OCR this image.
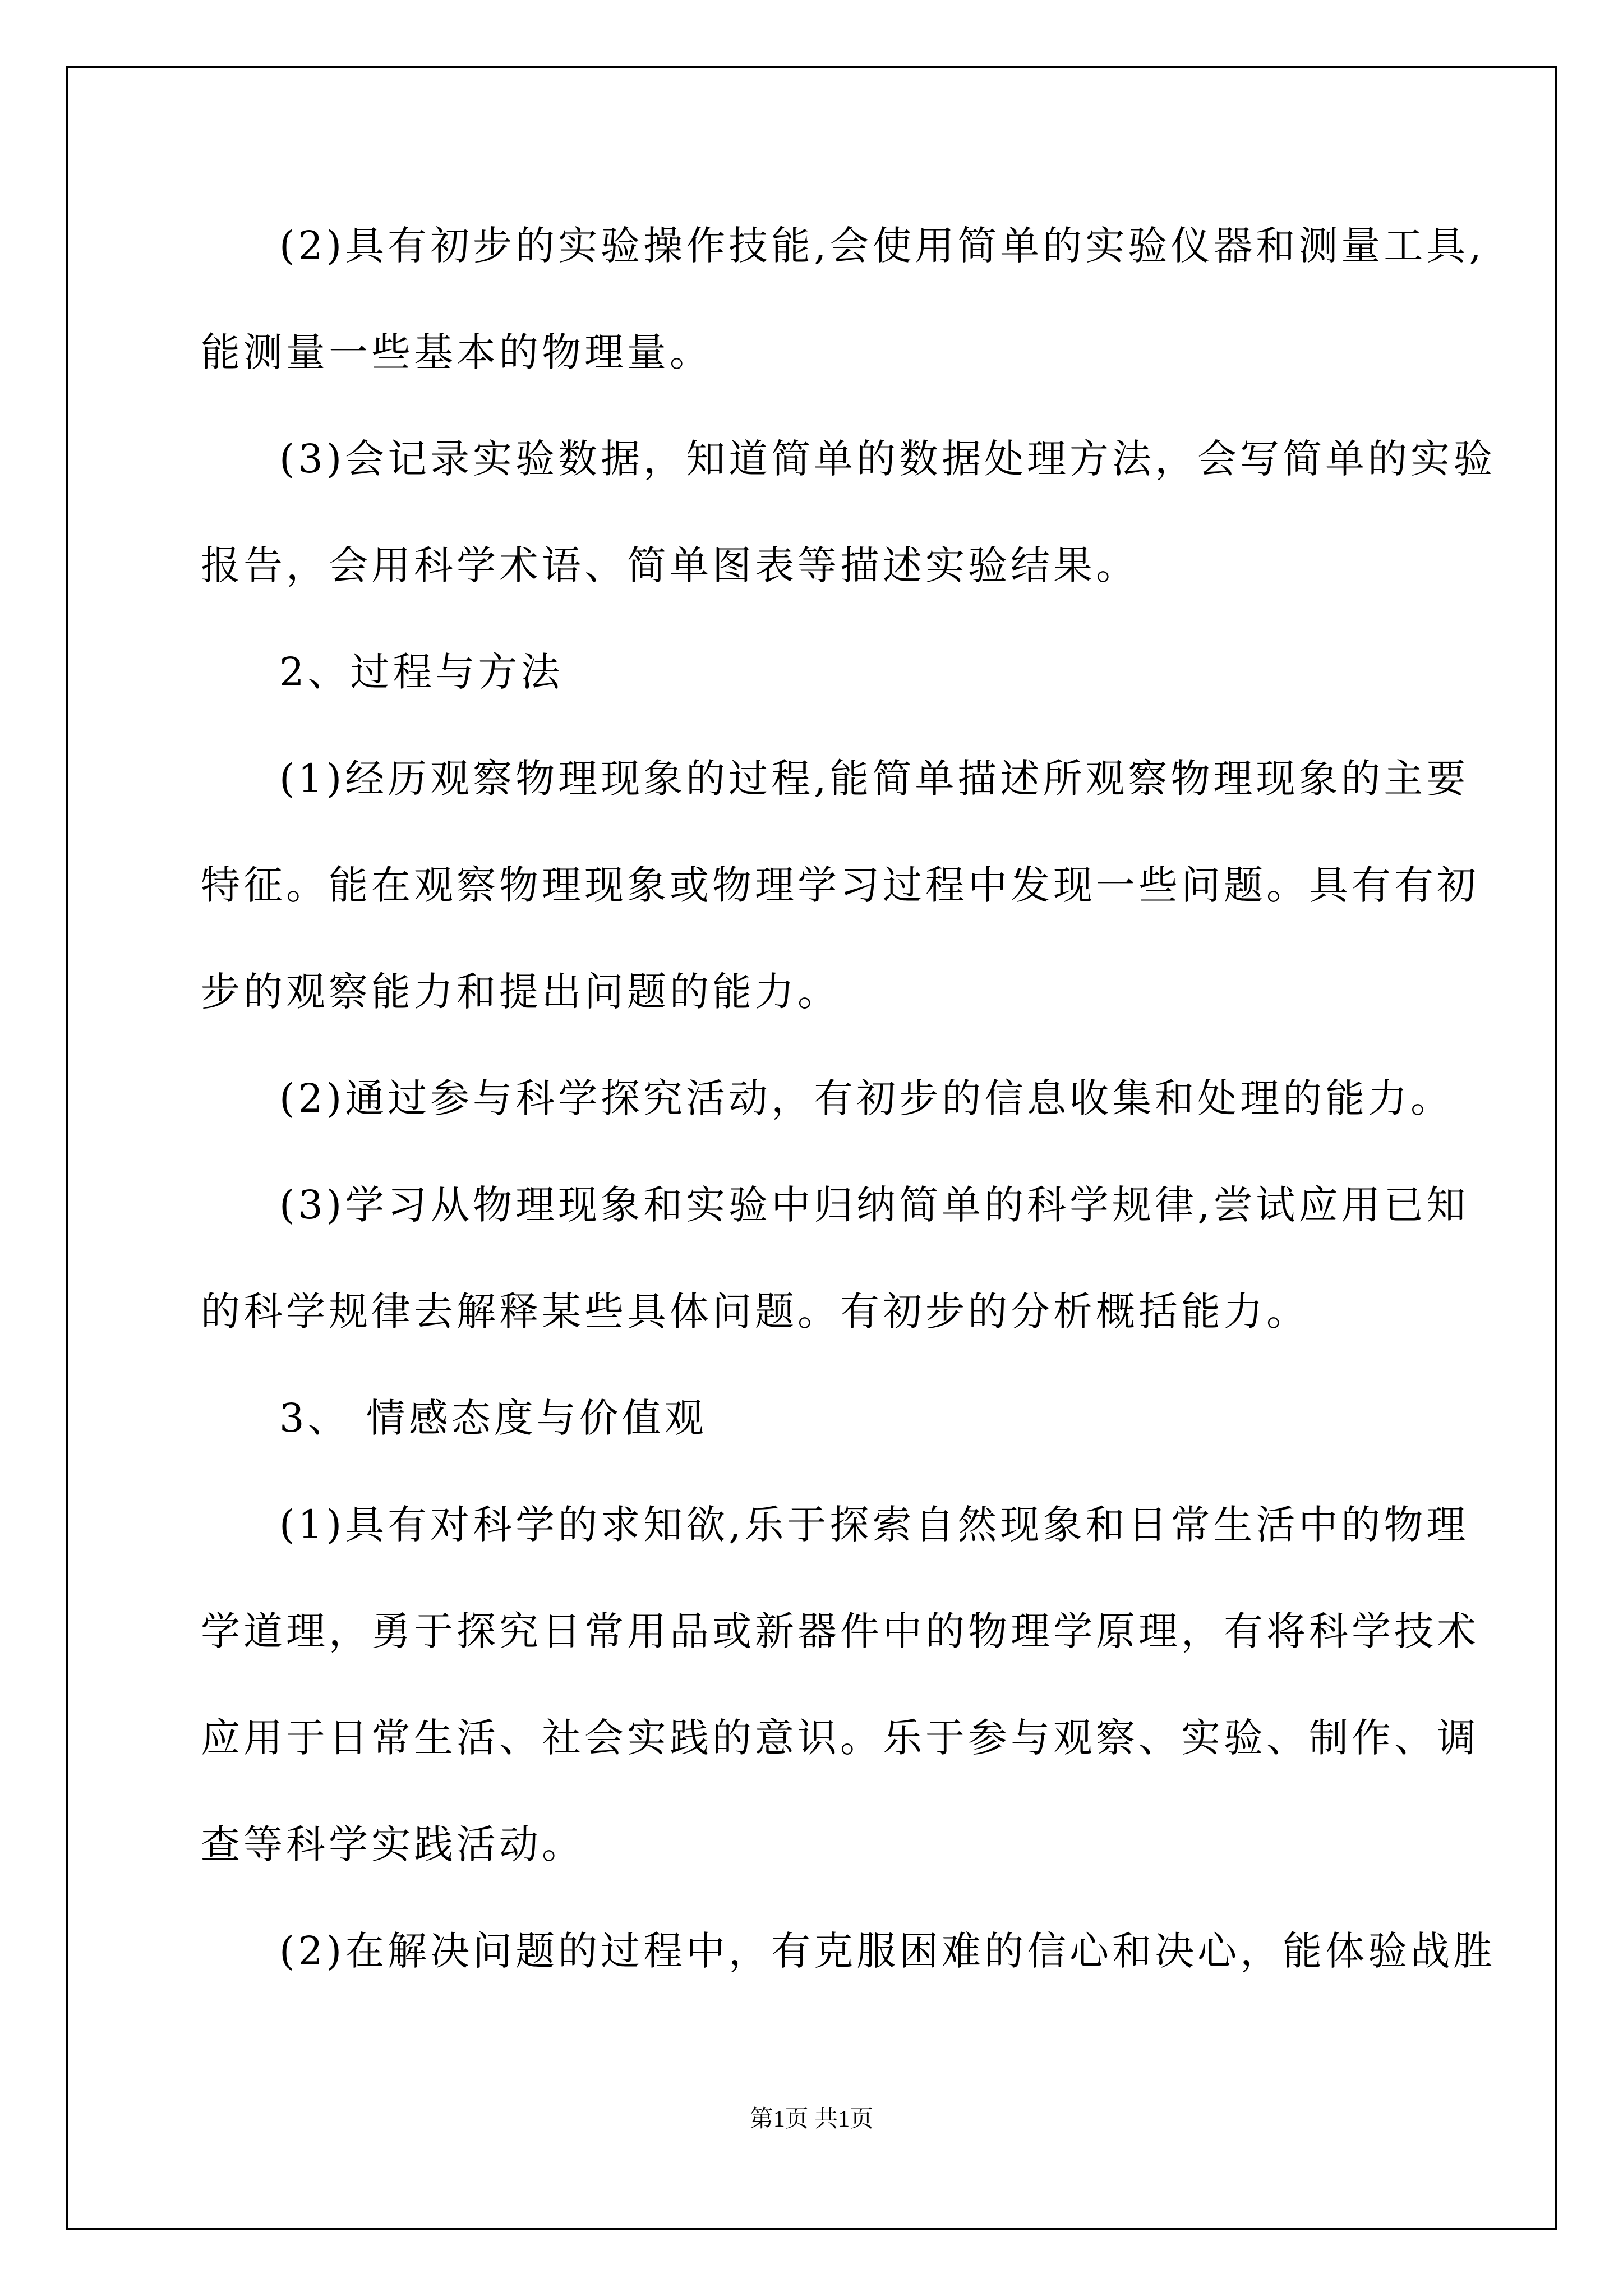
(2)具有初步的实验操作技能,会使用简单的实验仪器和测量工具,
能测量一些基本的物理量。
(3)会记录实验数据，知道简单的数据处理方法，会写简单的实验
报告，会用科学术语、简单图表等描述实验结果。
2、过程与方法
(1)经历观察物理现象的过程,能简单描述所观察物理现象的主要
特征。能在观察物理现象或物理学习过程中发现一些问题。具有有初
步的观察能力和提出问题的能力。
(2)通过参与科学探究活动，有初步的信息收集和处理的能力。
(3)学习从物理现象和实验中归纳简单的科学规律,尝试应用已知
的科学规律去解释某些具体问题。有初步的分析概括能力。
3、 情感态度与价值观
(1)具有对科学的求知欲,乐于探索自然现象和日常生活中的物理
学道理，勇于探究日常用品或新器件中的物理学原理，有将科学技术
应用于日常生活、社会实践的意识。乐于参与观察、实验、制作、调
查等科学实践活动。
(2)在解决问题的过程中，有克服困难的信心和决心，能体验战胜
第1页 共1页
